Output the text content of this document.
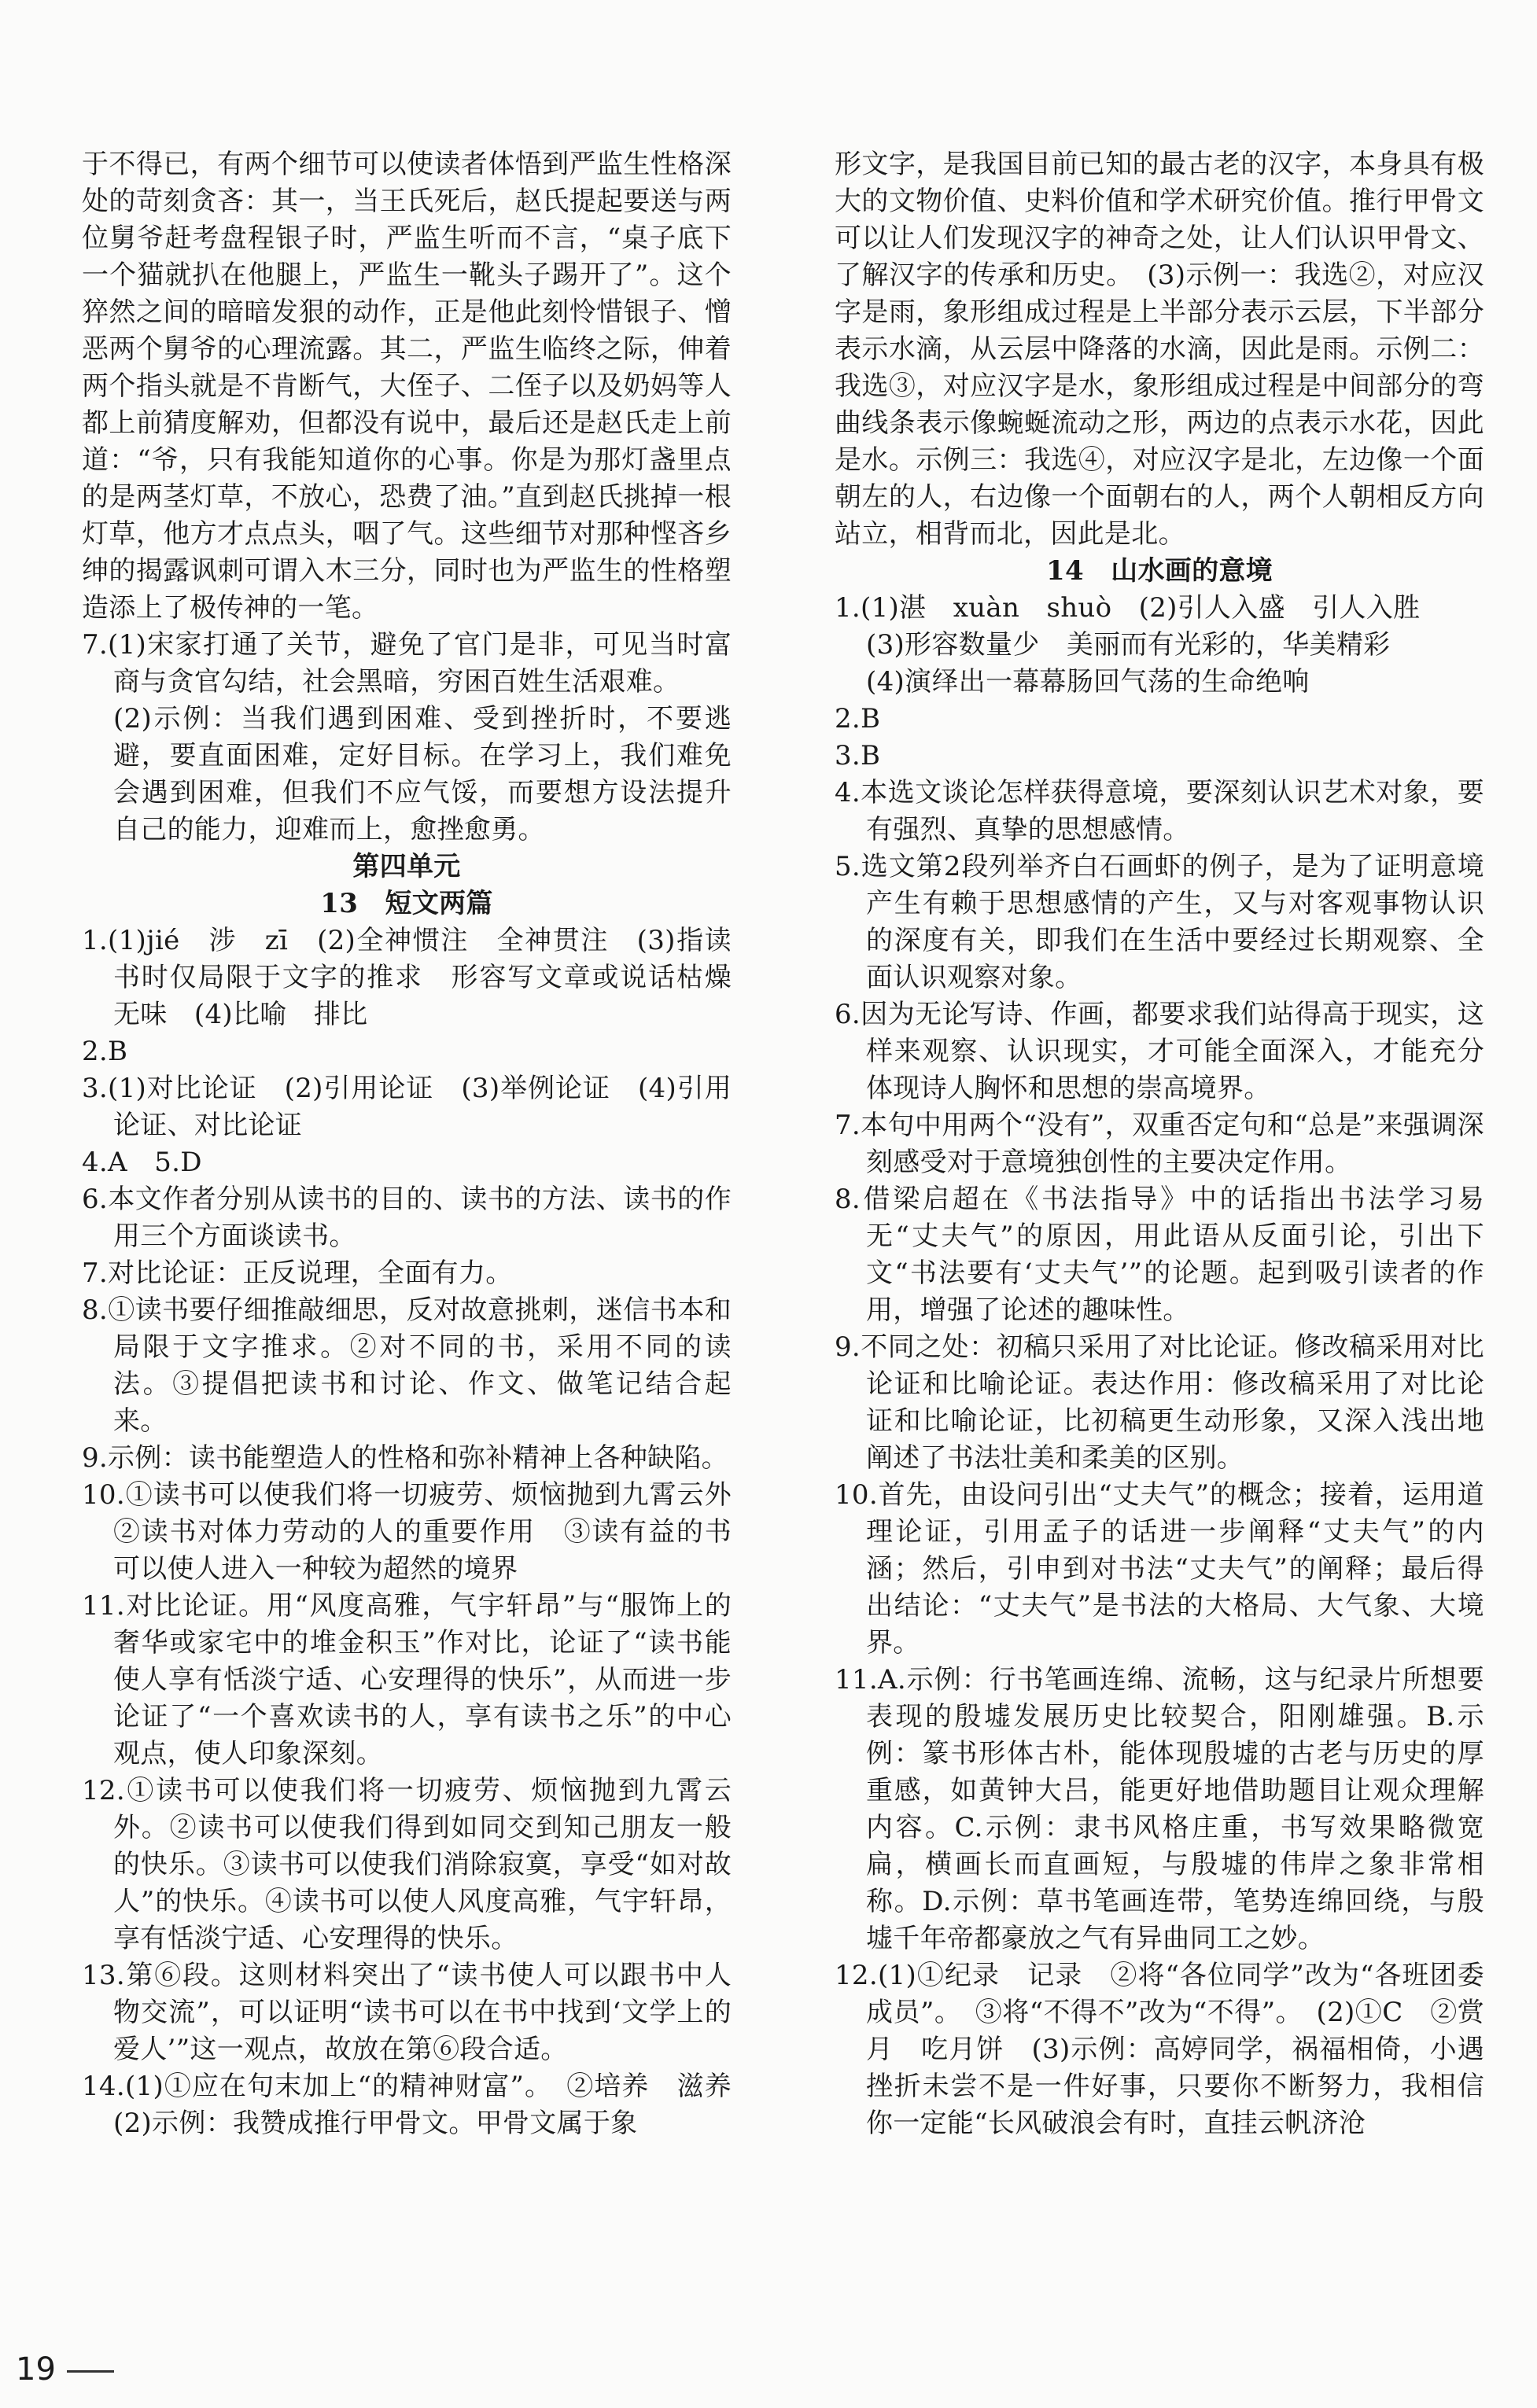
于不得已，有两个细节可以使读者体悟到严监生性格深处的苛刻贪吝：其一，当王氏死后，赵氏提起要送与两位舅爷赶考盘程银子时，严监生听而不言，“桌子底下一个猫就扒在他腿上，严监生一靴头子踢开了”。这个猝然之间的暗暗发狠的动作，正是他此刻怜惜银子、憎恶两个舅爷的心理流露。其二，严监生临终之际，伸着两个指头就是不肯断气，大侄子、二侄子以及奶妈等人都上前猜度解劝，但都没有说中，最后还是赵氏走上前道：“爷，只有我能知道你的心事。你是为那灯盏里点的是两茎灯草，不放心，恐费了油。”直到赵氏挑掉一根灯草，他方才点点头，咽了气。这些细节对那种悭吝乡绅的揭露讽刺可谓入木三分，同时也为严监生的性格塑造添上了极传神的一笔。

7.(1)宋家打通了关节，避免了官门是非，可见当时富商与贪官勾结，社会黑暗，穷困百姓生活艰难。

(2)示例：当我们遇到困难、受到挫折时，不要逃避，要直面困难，定好目标。在学习上，我们难免会遇到困难，但我们不应气馁，而要想方设法提升自己的能力，迎难而上，愈挫愈勇。

第四单元

13　短文两篇

1.(1)jié　涉　zī　(2)全神惯注　全神贯注　(3)指读书时仅局限于文字的推求　形容写文章或说话枯燥无味　(4)比喻　排比

2.B

3.(1)对比论证　(2)引用论证　(3)举例论证　(4)引用论证、对比论证

4.A　5.D

6.本文作者分别从读书的目的、读书的方法、读书的作用三个方面谈读书。

7.对比论证：正反说理，全面有力。

8.①读书要仔细推敲细思，反对故意挑刺，迷信书本和局限于文字推求。②对不同的书，采用不同的读法。③提倡把读书和讨论、作文、做笔记结合起来。

9.示例：读书能塑造人的性格和弥补精神上各种缺陷。

10.①读书可以使我们将一切疲劳、烦恼抛到九霄云外　②读书对体力劳动的人的重要作用　③读有益的书可以使人进入一种较为超然的境界

11.对比论证。用“风度高雅，气宇轩昂”与“服饰上的奢华或家宅中的堆金积玉”作对比，论证了“读书能使人享有恬淡宁适、心安理得的快乐”，从而进一步论证了“一个喜欢读书的人，享有读书之乐”的中心观点，使人印象深刻。

12.①读书可以使我们将一切疲劳、烦恼抛到九霄云外。②读书可以使我们得到如同交到知己朋友一般的快乐。③读书可以使我们消除寂寞，享受“如对故人”的快乐。④读书可以使人风度高雅，气宇轩昂，享有恬淡宁适、心安理得的快乐。

13.第⑥段。这则材料突出了“读书使人可以跟书中人物交流”，可以证明“读书可以在书中找到‘文学上的爱人’”这一观点，故放在第⑥段合适。

14.(1)①应在句末加上“的精神财富”。　②培养　滋养　(2)示例：我赞成推行甲骨文。甲骨文属于象

形文字，是我国目前已知的最古老的汉字，本身具有极大的文物价值、史料价值和学术研究价值。推行甲骨文可以让人们发现汉字的神奇之处，让人们认识甲骨文、了解汉字的传承和历史。　(3)示例一：我选②，对应汉字是雨，象形组成过程是上半部分表示云层，下半部分表示水滴，从云层中降落的水滴，因此是雨。示例二：我选③，对应汉字是水，象形组成过程是中间部分的弯曲线条表示像蜿蜒流动之形，两边的点表示水花，因此是水。示例三：我选④，对应汉字是北，左边像一个面朝左的人，右边像一个面朝右的人，两个人朝相反方向站立，相背而北，因此是北。

14　山水画的意境

1.(1)湛　xuàn　shuò　(2)引人入盛　引人入胜

(3)形容数量少　美丽而有光彩的，华美精彩

(4)演绎出一幕幕肠回气荡的生命绝响

2.B

3.B

4.本选文谈论怎样获得意境，要深刻认识艺术对象，要有强烈、真挚的思想感情。

5.选文第2段列举齐白石画虾的例子，是为了证明意境产生有赖于思想感情的产生，又与对客观事物认识的深度有关，即我们在生活中要经过长期观察、全面认识观察对象。

6.因为无论写诗、作画，都要求我们站得高于现实，这样来观察、认识现实，才可能全面深入，才能充分体现诗人胸怀和思想的崇高境界。

7.本句中用两个“没有”，双重否定句和“总是”来强调深刻感受对于意境独创性的主要决定作用。

8.借梁启超在《书法指导》中的话指出书法学习易无“丈夫气”的原因，用此语从反面引论，引出下文“书法要有‘丈夫气’”的论题。起到吸引读者的作用，增强了论述的趣味性。

9.不同之处：初稿只采用了对比论证。修改稿采用对比论证和比喻论证。表达作用：修改稿采用了对比论证和比喻论证，比初稿更生动形象，又深入浅出地阐述了书法壮美和柔美的区别。

10.首先，由设问引出“丈夫气”的概念；接着，运用道理论证，引用孟子的话进一步阐释“丈夫气”的内涵；然后，引申到对书法“丈夫气”的阐释；最后得出结论：“丈夫气”是书法的大格局、大气象、大境界。

11.A.示例：行书笔画连绵、流畅，这与纪录片所想要表现的殷墟发展历史比较契合，阳刚雄强。B.示例：篆书形体古朴，能体现殷墟的古老与历史的厚重感，如黄钟大吕，能更好地借助题目让观众理解内容。C.示例：隶书风格庄重，书写效果略微宽扁，横画长而直画短，与殷墟的伟岸之象非常相称。D.示例：草书笔画连带，笔势连绵回绕，与殷墟千年帝都豪放之气有异曲同工之妙。

12.(1)①纪录　记录　②将“各位同学”改为“各班团委成员”。　③将“不得不”改为“不得”。　(2)①C　②赏月　吃月饼　(3)示例：高婷同学，祸福相倚，小遇挫折未尝不是一件好事，只要你不断努力，我相信你一定能“长风破浪会有时，直挂云帆济沧

19
